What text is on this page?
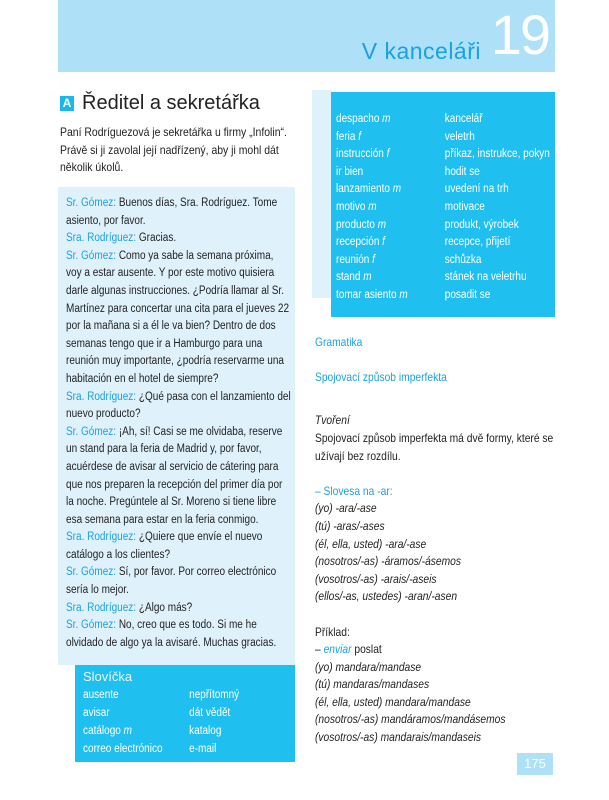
V kanceláři 19
A Ředitel a sekretářka
Paní Rodríguezová je sekretářka u firmy „Infolin“. Právě si ji zavolal její nadřízený, aby ji mohl dát několik úkolů.

Sr. Gómez: Buenos días, Sra. Rodríguez. Tome asiento, por favor.

Sra. Rodríguez: Gracias.

Sr. Gómez: Como ya sabe la semana próxima, voy a estar ausente. Y por este motivo quisiera darle algunas instrucciones. ¿Podría llamar al Sr. Martínez para concertar una cita para el jueves 22 por la mañana si a él le va bien? Dentro de dos semanas tengo que ir a Hamburgo para una reunión muy importante, ¿podría reservarme una habitación en el hotel de siempre?

Sra. Rodríguez: ¿Qué pasa con el lanzamiento del nuevo producto?

Sr. Gómez: ¡Ah, sí! Casi se me olvidaba, reserve un stand para la feria de Madrid y, por favor, acuérdese de avisar al servicio de cátering para que nos preparen la recepción del primer día por la noche. Pregúntele al Sr. Moreno si tiene libre esa semana para estar en la feria conmigo.

Sra. Rodríguez: ¿Quiere que envíe el nuevo catálogo a los clientes?

Sr. Gómez: Sí, por favor. Por correo electrónico sería lo mejor.

Sra. Rodríguez: ¿Algo más?

Sr. Gómez: No, creo que es todo. Si me he olvidado de algo ya la avisaré. Muchas gracias.

Slovíčka
ausente	nepřítomný
avisar	dát vědět
catálogo m	katalog
correo electrónico	e-mail
despacho m	kancelář
feria f	veletrh
instrucción f	příkaz, instrukce, pokyn
ir bien	hodit se
lanzamiento m	uvedení na trh
motivo m	motivace
producto m	produkt, výrobek
recepción f	recepce, přijetí
reunión f	schůzka
stand m	stánek na veletrhu
tomar asiento m	posadit se
Gramatika
Spojovací způsob imperfekta
Tvoření
Spojovací způsob imperfekta má dvě formy, které se užívají bez rozdílu.
– Slovesa na -ar:
(yo) -ara/-ase
(tú) -aras/-ases
(él, ella, usted) -ara/-ase
(nosotros/-as) -áramos/-ásemos
(vosotros/-as) -arais/-aseis
(ellos/-as, ustedes) -aran/-asen
Příklad:
– enviar poslat
(yo) mandara/mandase
(tú) mandaras/mandases
(él, ella, usted) mandara/mandase
(nosotros/-as) mandáramos/mandásemos
(vosotros/-as) mandarais/mandaseis
175
